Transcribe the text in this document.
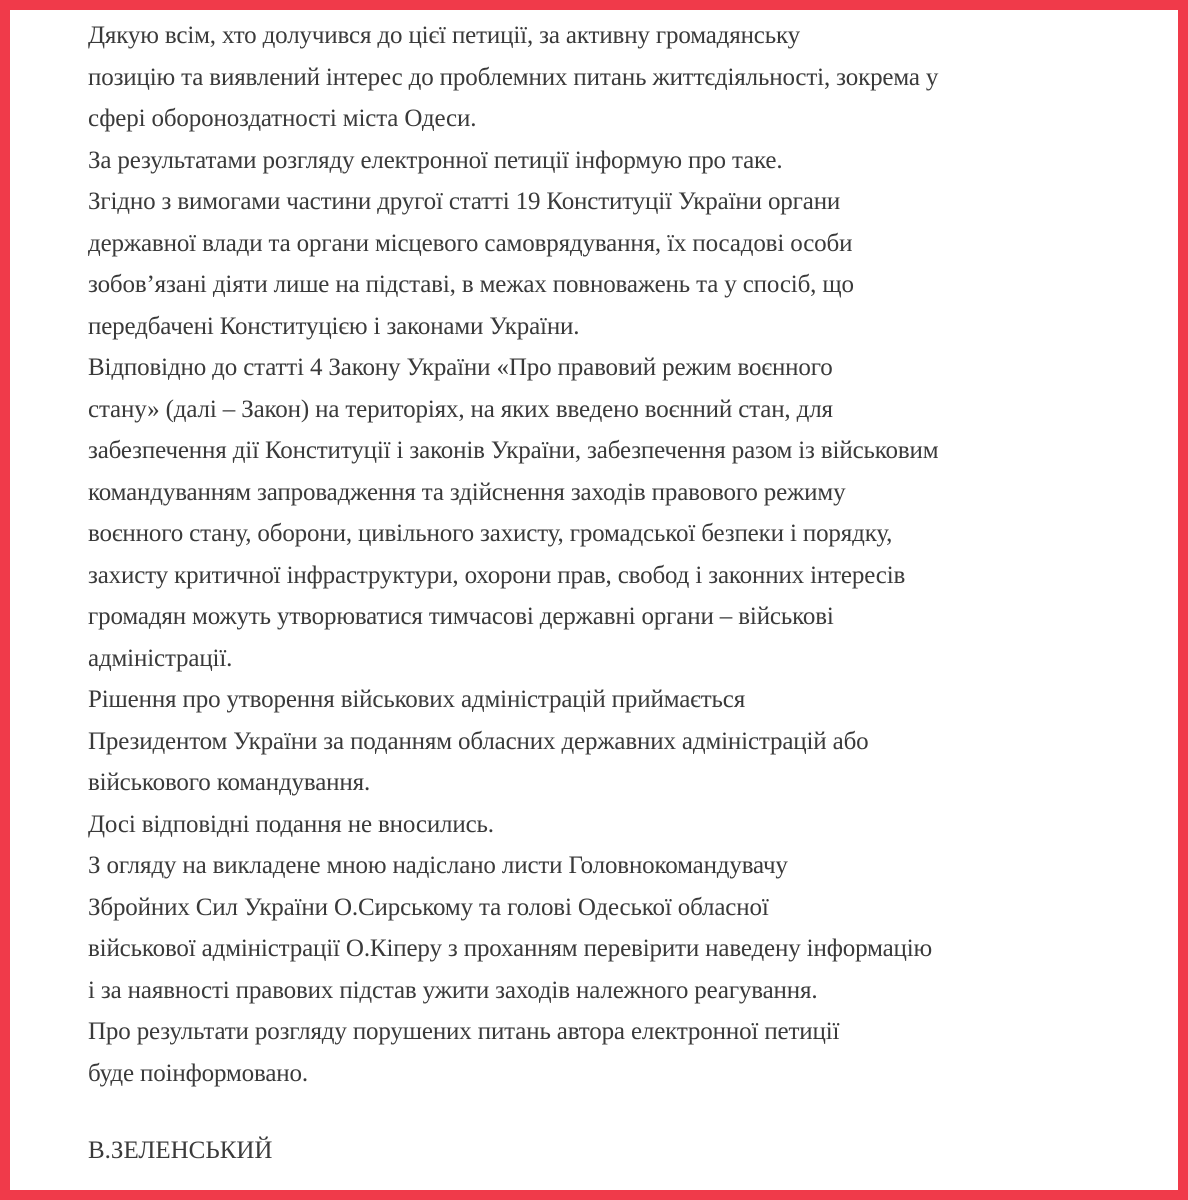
Дякую всім, хто долучився до цієї петиції, за активну громадянську
позицію та виявлений інтерес до проблемних питань життєдіяльності, зокрема у
сфері обороноздатності міста Одеси.
За результатами розгляду електронної петиції інформую про таке.
Згідно з вимогами частини другої статті 19 Конституції України органи
державної влади та органи місцевого самоврядування, їх посадові особи
зобов’язані діяти лише на підставі, в межах повноважень та у спосіб, що
передбачені Конституцією і законами України.
Відповідно до статті 4 Закону України «Про правовий режим воєнного
стану» (далі – Закон) на територіях, на яких введено воєнний стан, для
забезпечення дії Конституції і законів України, забезпечення разом із військовим
командуванням запровадження та здійснення заходів правового режиму
воєнного стану, оборони, цивільного захисту, громадської безпеки і порядку,
захисту критичної інфраструктури, охорони прав, свобод і законних інтересів
громадян можуть утворюватися тимчасові державні органи – військові
адміністрації.
Рішення про утворення військових адміністрацій приймається
Президентом України за поданням обласних державних адміністрацій або
військового командування.
Досі відповідні подання не вносились.
З огляду на викладене мною надіслано листи Головнокомандувачу
Збройних Сил України О.Сирському та голові Одеської обласної
військової адміністрації О.Кіперу з проханням перевірити наведену інформацію
і за наявності правових підстав ужити заходів належного реагування.
Про результати розгляду порушених питань автора електронної петиції
буде поінформовано.
В.ЗЕЛЕНСЬКИЙ
